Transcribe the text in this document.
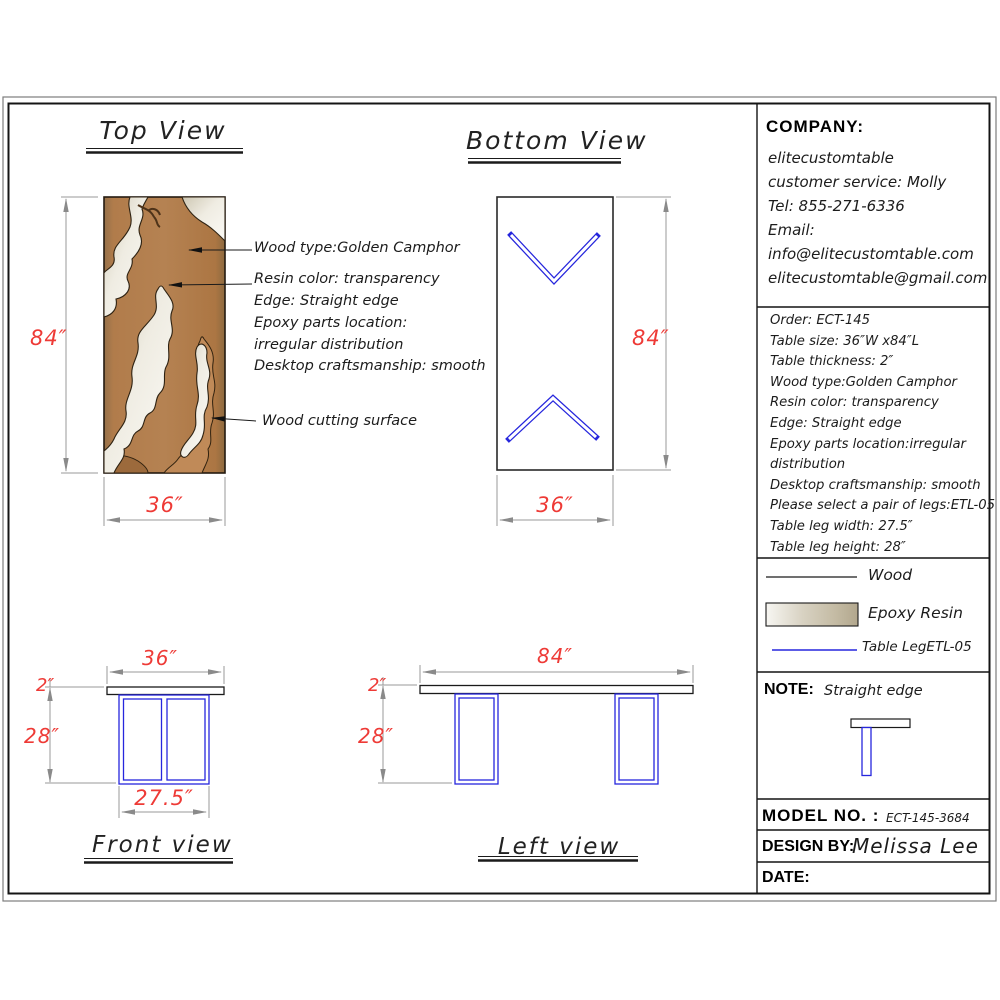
Top View	Bottom View
Front view	Left view
84″
36″
84″
36″
36″
2″
28″
27.5″
84″
2″
28″
Wood type:Golden Camphor
Resin color: transparency
Edge: Straight edge
Epoxy parts location:
irregular distribution
Desktop craftsmanship: smooth
Wood cutting surface
COMPANY:
elitecustomtable
customer service: Molly
Tel: 855-271-6336
Email:
info@elitecustomtable.com
elitecustomtable@gmail.com
Order: ECT-145
Table size: 36″W x84″L
Table thickness: 2″
Wood type:Golden Camphor
Resin color: transparency
Edge: Straight edge
Epoxy parts location:irregular
distribution
Desktop craftsmanship: smooth
Please select a pair of legs:ETL-05
Table leg width: 27.5″
Table leg height: 28″
Wood
Epoxy Resin
Table LegETL-05
NOTE: Straight edge
MODEL NO. : ECT-145-3684
DESIGN BY:
Melissa Lee
DATE:
